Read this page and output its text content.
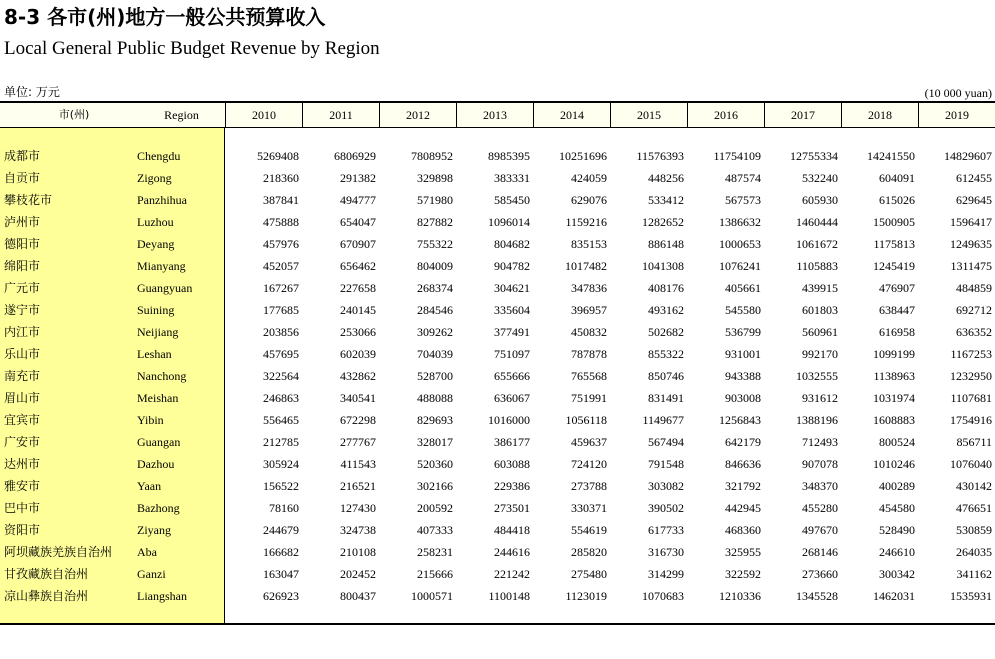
8-3 各市(州)地方一般公共预算收入
Local General Public Budget Revenue by Region
单位: 万元	(10 000 yuan)
市(州)	Region	2010	2011	2012	2013	2014	2015	2016	2017	2018	2019
成都市	Chengdu	5269408	6806929	7808952	8985395	10251696	11576393	11754109	12755334	14241550	14829607
自贡市	Zigong	218360	291382	329898	383331	424059	448256	487574	532240	604091	612455
攀枝花市	Panzhihua	387841	494777	571980	585450	629076	533412	567573	605930	615026	629645
泸州市	Luzhou	475888	654047	827882	1096014	1159216	1282652	1386632	1460444	1500905	1596417
德阳市	Deyang	457976	670907	755322	804682	835153	886148	1000653	1061672	1175813	1249635
绵阳市	Mianyang	452057	656462	804009	904782	1017482	1041308	1076241	1105883	1245419	1311475
广元市	Guangyuan	167267	227658	268374	304621	347836	408176	405661	439915	476907	484859
遂宁市	Suining	177685	240145	284546	335604	396957	493162	545580	601803	638447	692712
内江市	Neijiang	203856	253066	309262	377491	450832	502682	536799	560961	616958	636352
乐山市	Leshan	457695	602039	704039	751097	787878	855322	931001	992170	1099199	1167253
南充市	Nanchong	322564	432862	528700	655666	765568	850746	943388	1032555	1138963	1232950
眉山市	Meishan	246863	340541	488088	636067	751991	831491	903008	931612	1031974	1107681
宜宾市	Yibin	556465	672298	829693	1016000	1056118	1149677	1256843	1388196	1608883	1754916
广安市	Guangan	212785	277767	328017	386177	459637	567494	642179	712493	800524	856711
达州市	Dazhou	305924	411543	520360	603088	724120	791548	846636	907078	1010246	1076040
雅安市	Yaan	156522	216521	302166	229386	273788	303082	321792	348370	400289	430142
巴中市	Bazhong	78160	127430	200592	273501	330371	390502	442945	455280	454580	476651
资阳市	Ziyang	244679	324738	407333	484418	554619	617733	468360	497670	528490	530859
阿坝藏族羌族自治州	Aba	166682	210108	258231	244616	285820	316730	325955	268146	246610	264035
甘孜藏族自治州	Ganzi	163047	202452	215666	221242	275480	314299	322592	273660	300342	341162
凉山彝族自治州	Liangshan	626923	800437	1000571	1100148	1123019	1070683	1210336	1345528	1462031	1535931
